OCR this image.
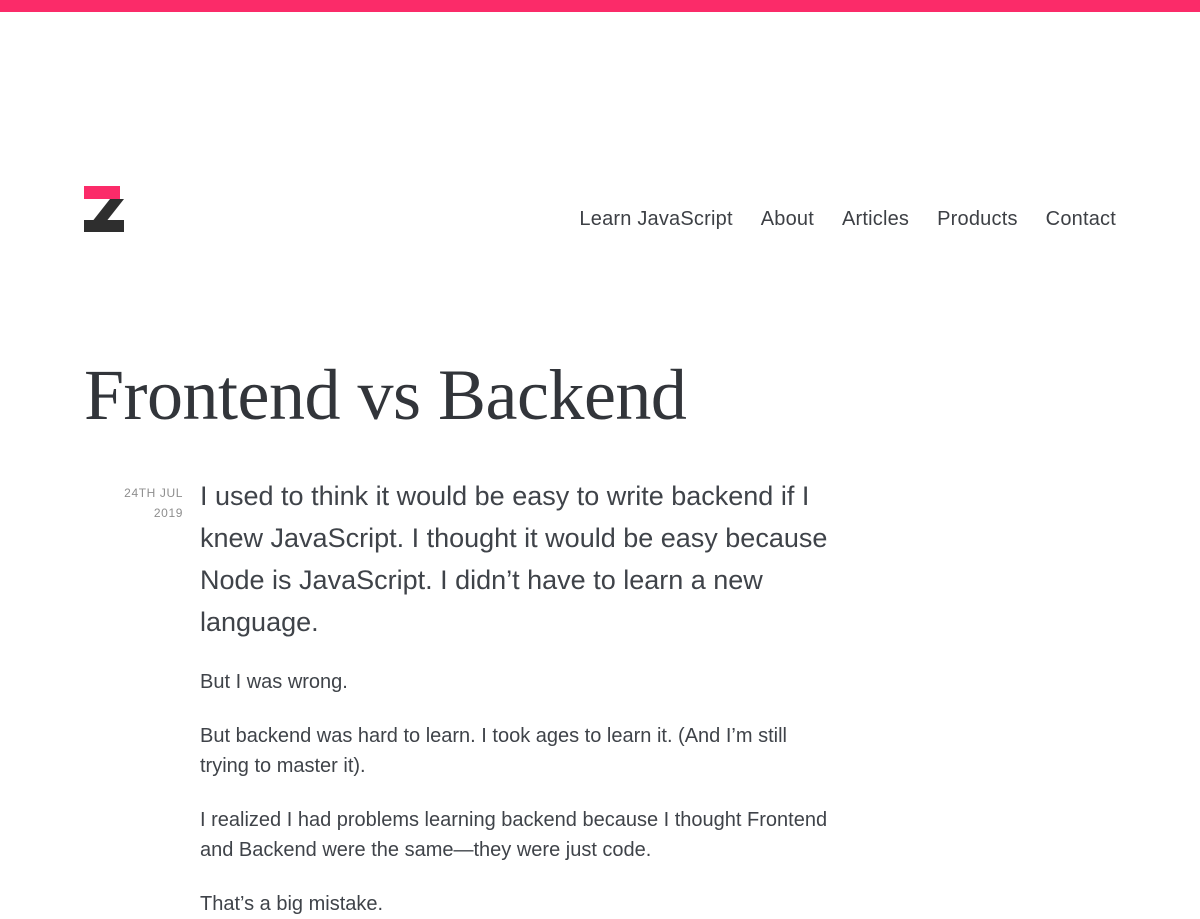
Learn JavaScript About Articles Products Contact
Frontend vs Backend
24TH JUL
2019

I used to think it would be easy to write backend if I knew JavaScript. I thought it would be easy because Node is JavaScript. I didn’t have to learn a new language.

But I was wrong.

But backend was hard to learn. I took ages to learn it. (And I’m still trying to master it).

I realized I had problems learning backend because I thought Frontend and Backend were the same—they were just code.

That’s a big mistake.
